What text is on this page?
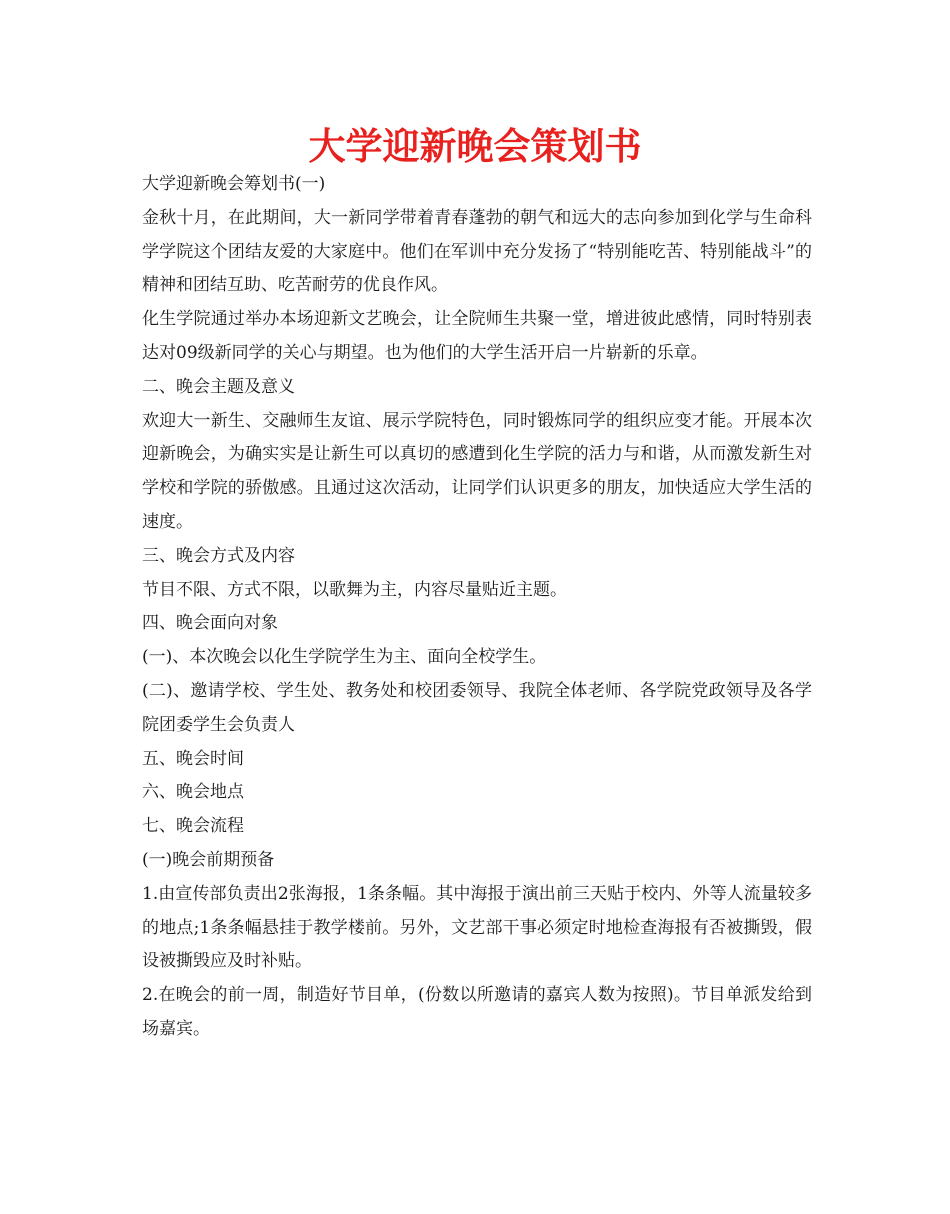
大学迎新晚会策划书

大学迎新晚会筹划书(一)

金秋十月，在此期间，大一新同学带着青春蓬勃的朝气和远大的志向参加到化学与生命科学学院这个团结友爱的大家庭中。他们在军训中充分发扬了“特别能吃苦、特别能战斗”的精神和团结互助、吃苦耐劳的优良作风。

化生学院通过举办本场迎新文艺晚会，让全院师生共聚一堂，增进彼此感情，同时特别表达对09级新同学的关心与期望。也为他们的大学生活开启一片崭新的乐章。

二、晚会主题及意义

欢迎大一新生、交融师生友谊、展示学院特色，同时锻炼同学的组织应变才能。开展本次迎新晚会，为确实实是让新生可以真切的感遭到化生学院的活力与和谐，从而激发新生对学校和学院的骄傲感。且通过这次活动，让同学们认识更多的朋友，加快适应大学生活的速度。

三、晚会方式及内容

节目不限、方式不限，以歌舞为主，内容尽量贴近主题。

四、晚会面向对象

(一)、本次晚会以化生学院学生为主、面向全校学生。

(二)、邀请学校、学生处、教务处和校团委领导、我院全体老师、各学院党政领导及各学院团委学生会负责人

五、晚会时间

六、晚会地点

七、晚会流程

(一)晚会前期预备

1.由宣传部负责出2张海报，1条条幅。其中海报于演出前三天贴于校内、外等人流量较多的地点;1条条幅悬挂于教学楼前。另外，文艺部干事必须定时地检查海报有否被撕毁，假设被撕毁应及时补贴。

2.在晚会的前一周，制造好节目单，(份数以所邀请的嘉宾人数为按照)。节目单派发给到场嘉宾。
